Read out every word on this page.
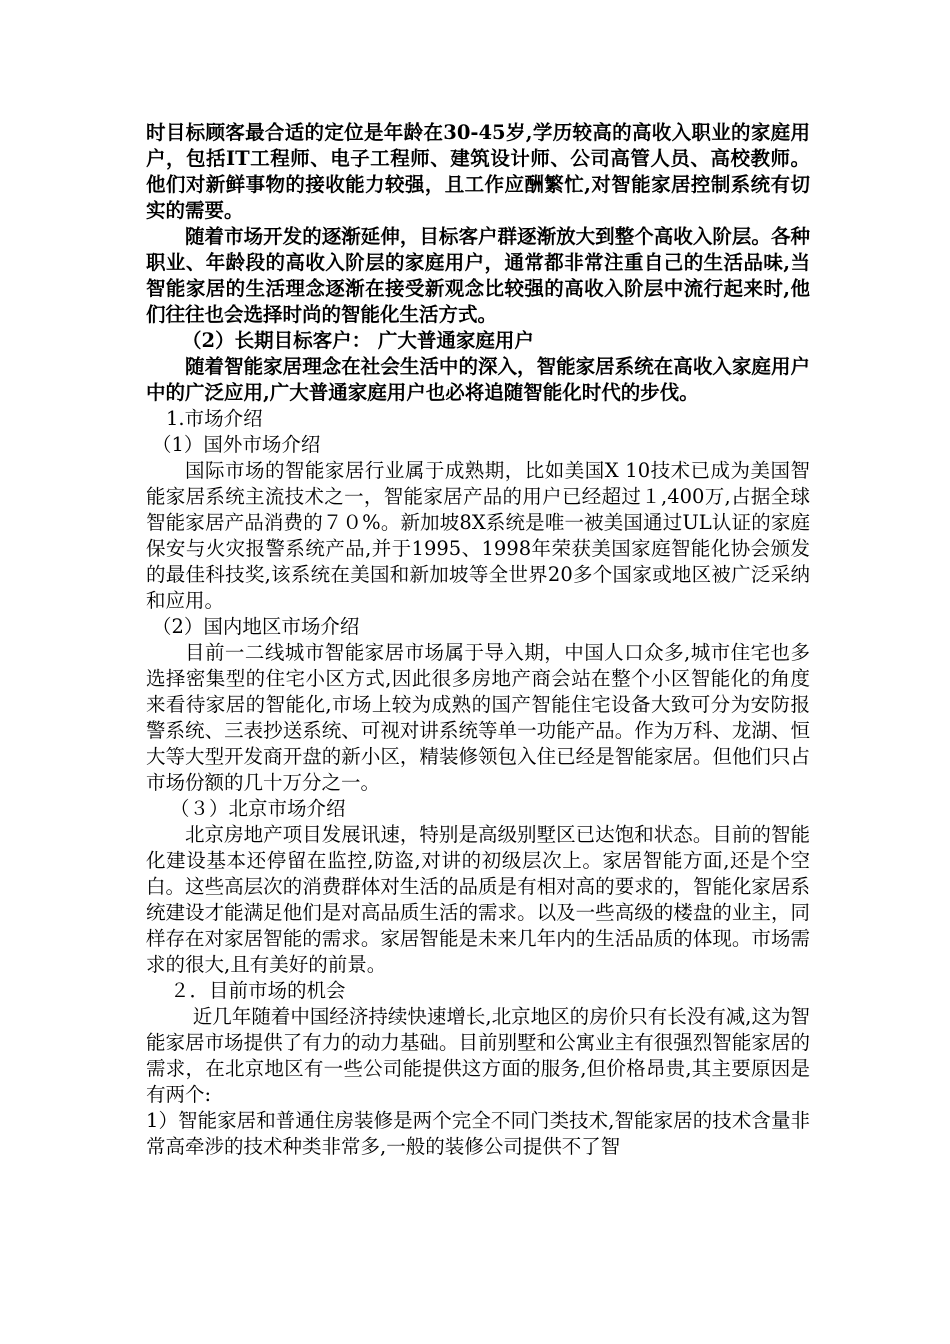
时目标顾客最合适的定位是年龄在30-45岁,学历较高的高收入职业的家庭用户，包括IT工程师、电子工程师、建筑设计师、公司高管人员、高校教师。他们对新鲜事物的接收能力较强，且工作应酬繁忙,对智能家居控制系统有切实的需要。

随着市场开发的逐渐延伸，目标客户群逐渐放大到整个高收入阶层。各种职业、年龄段的高收入阶层的家庭用户，通常都非常注重自己的生活品味,当智能家居的生活理念逐渐在接受新观念比较强的高收入阶层中流行起来时,他们往往也会选择时尚的智能化生活方式。

（2）长期目标客户： 广大普通家庭用户

随着智能家居理念在社会生活中的深入，智能家居系统在高收入家庭用户中的广泛应用,广大普通家庭用户也必将追随智能化时代的步伐。

1.市场介绍

（1）国外市场介绍

国际市场的智能家居行业属于成熟期，比如美国X 10技术已成为美国智能家居系统主流技术之一，智能家居产品的用户已经超过１,400万,占据全球智能家居产品消费的７０%。新加坡8X系统是唯一被美国通过UL认证的家庭保安与火灾报警系统产品,并于1995、1998年荣获美国家庭智能化协会颁发的最佳科技奖,该系统在美国和新加坡等全世界20多个国家或地区被广泛采纳和应用。

（2）国内地区市场介绍

目前一二线城市智能家居市场属于导入期，中国人口众多,城市住宅也多选择密集型的住宅小区方式,因此很多房地产商会站在整个小区智能化的角度来看待家居的智能化,市场上较为成熟的国产智能住宅设备大致可分为安防报警系统、三表抄送系统、可视对讲系统等单一功能产品。作为万科、龙湖、恒大等大型开发商开盘的新小区，精装修领包入住已经是智能家居。但他们只占市场份额的几十万分之一。

（３）北京市场介绍

北京房地产项目发展讯速，特别是高级别墅区已达饱和状态。目前的智能化建设基本还停留在监控,防盗,对讲的初级层次上。家居智能方面,还是个空白。这些高层次的消费群体对生活的品质是有相对高的要求的，智能化家居系统建设才能满足他们是对高品质生活的需求。以及一些高级的楼盘的业主，同样存在对家居智能的需求。家居智能是未来几年内的生活品质的体现。市场需求的很大,且有美好的前景。

２．目前市场的机会

近几年随着中国经济持续快速增长,北京地区的房价只有长没有减,这为智能家居市场提供了有力的动力基础。目前别墅和公寓业主有很强烈智能家居的需求，在北京地区有一些公司能提供这方面的服务,但价格昂贵,其主要原因是有两个:

1）智能家居和普通住房装修是两个完全不同门类技术,智能家居的技术含量非常高牵涉的技术种类非常多,一般的装修公司提供不了智
